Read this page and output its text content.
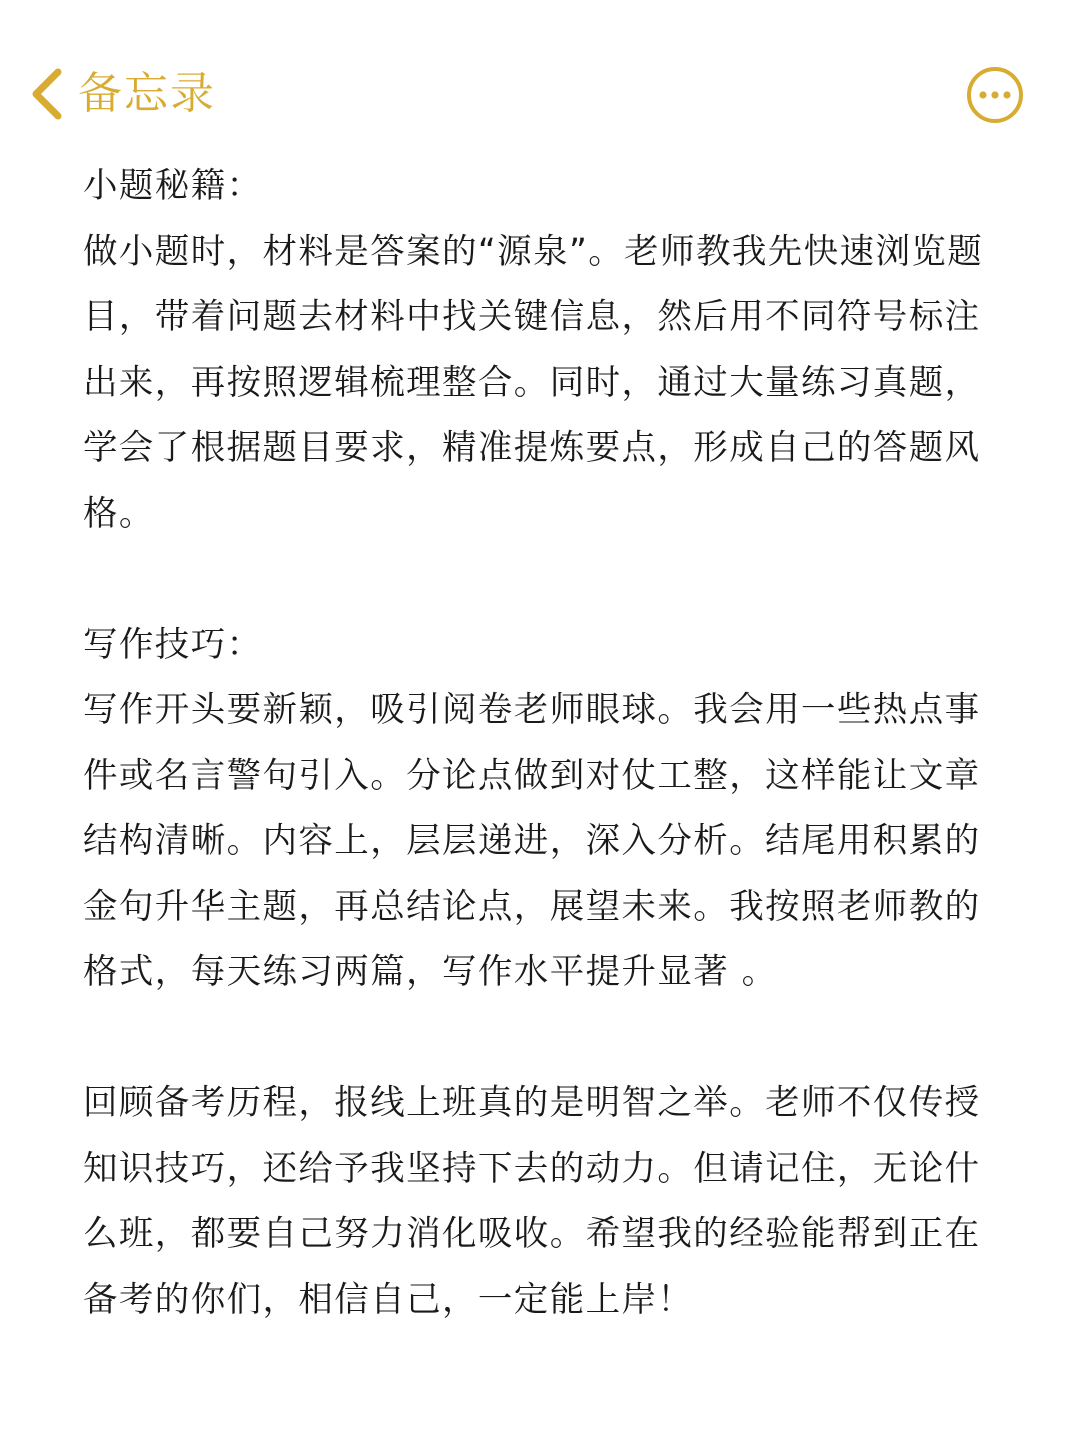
备忘录

小题秘籍：

做小题时，材料是答案的“源泉”。老师教我先快速浏览题目，带着问题去材料中找关键信息，然后用不同符号标注出来，再按照逻辑梳理整合。同时，通过大量练习真题，学会了根据题目要求，精准提炼要点，形成自己的答题风格。

写作技巧：

写作开头要新颖，吸引阅卷老师眼球。我会用一些热点事件或名言警句引入。分论点做到对仗工整，这样能让文章结构清晰。内容上，层层递进，深入分析。结尾用积累的金句升华主题，再总结论点，展望未来。我按照老师教的格式，每天练习两篇，写作水平提升显著 。

回顾备考历程，报线上班真的是明智之举。老师不仅传授知识技巧，还给予我坚持下去的动力。但请记住，无论什么班，都要自己努力消化吸收。希望我的经验能帮到正在备考的你们，相信自己，一定能上岸！
